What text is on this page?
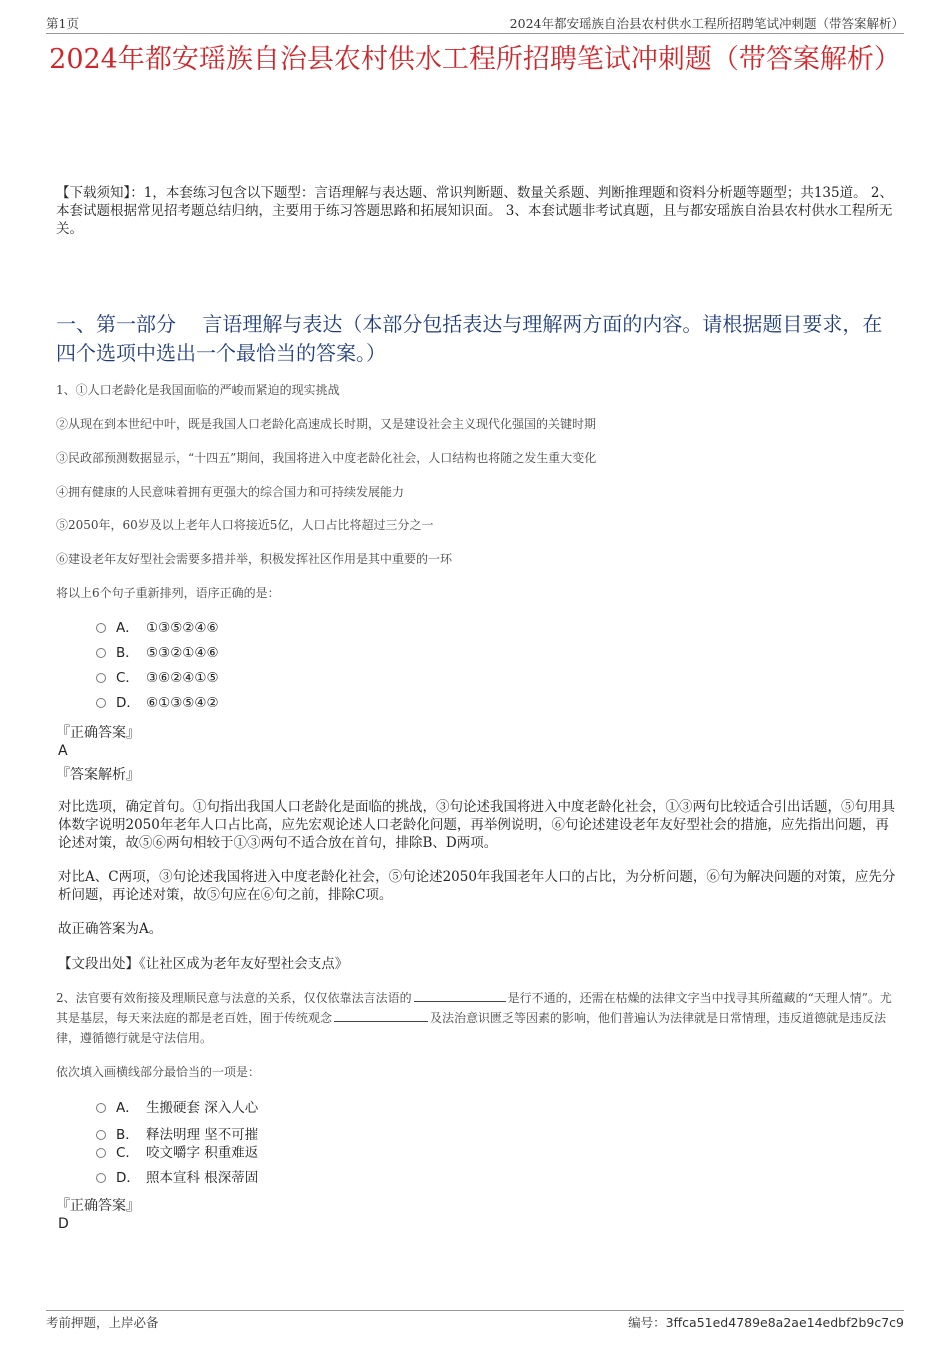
第1页	2024年都安瑶族自治县农村供水工程所招聘笔试冲刺题（带答案解析）
2024年都安瑶族自治县农村供水工程所招聘笔试冲刺题（带答案解析）
【下载须知】：1，本套练习包含以下题型：言语理解与表达题、常识判断题、数量关系题、判断推理题和资料分析题等题型；共135道。 2、本套试题根据常见招考题总结归纳，主要用于练习答题思路和拓展知识面。 3、本套试题非考试真题，且与都安瑶族自治县农村供水工程所无关。
一、第一部分　 言语理解与表达（本部分包括表达与理解两方面的内容。请根据题目要求，在四个选项中选出一个最恰当的答案。）
1、①人口老龄化是我国面临的严峻而紧迫的现实挑战
②从现在到本世纪中叶，既是我国人口老龄化高速成长时期，又是建设社会主义现代化强国的关键时期
③民政部预测数据显示，“十四五”期间，我国将进入中度老龄化社会，人口结构也将随之发生重大变化
④拥有健康的人民意味着拥有更强大的综合国力和可持续发展能力
⑤2050年，60岁及以上老年人口将接近5亿，人口占比将超过三分之一
⑥建设老年友好型社会需要多措并举，积极发挥社区作用是其中重要的一环
将以上6个句子重新排列，语序正确的是：
A． ①③⑤②④⑥
B． ⑤③②①④⑥
C． ③⑥②④①⑤
D． ⑥①③⑤④②
『正确答案』
A
『答案解析』
对比选项，确定首句。①句指出我国人口老龄化是面临的挑战，③句论述我国将进入中度老龄化社会，①③两句比较适合引出话题，⑤句用具体数字说明2050年老年人口占比高，应先宏观论述人口老龄化问题，再举例说明，⑥句论述建设老年友好型社会的措施，应先指出问题，再论述对策，故⑤⑥两句相较于①③两句不适合放在首句，排除B、D两项。
对比A、C两项，③句论述我国将进入中度老龄化社会，⑤句论述2050年我国老年人口的占比，为分析问题，⑥句为解决问题的对策，应先分析问题，再论述对策，故⑤句应在⑥句之前，排除C项。
故正确答案为A。
【文段出处】《让社区成为老年友好型社会支点》
2、法官要有效衔接及理顺民意与法意的关系，仅仅依靠法言法语的	是行不通的，还需在枯燥的法律文字当中找寻其所蕴藏的“天理人情”。尤其是基层，每天来法庭的都是老百姓，囿于传统观念	及法治意识匮乏等因素的影响，他们普遍认为法律就是日常情理，违反道德就是违反法律，遵循德行就是守法信用。
依次填入画横线部分最恰当的一项是：
A． 生搬硬套 深入人心
B． 释法明理 坚不可摧
C． 咬文嚼字 积重难返
D． 照本宣科 根深蒂固
『正确答案』
D
考前押题，上岸必备	编号：3ffca51ed4789e8a2ae14edbf2b9c7c9
